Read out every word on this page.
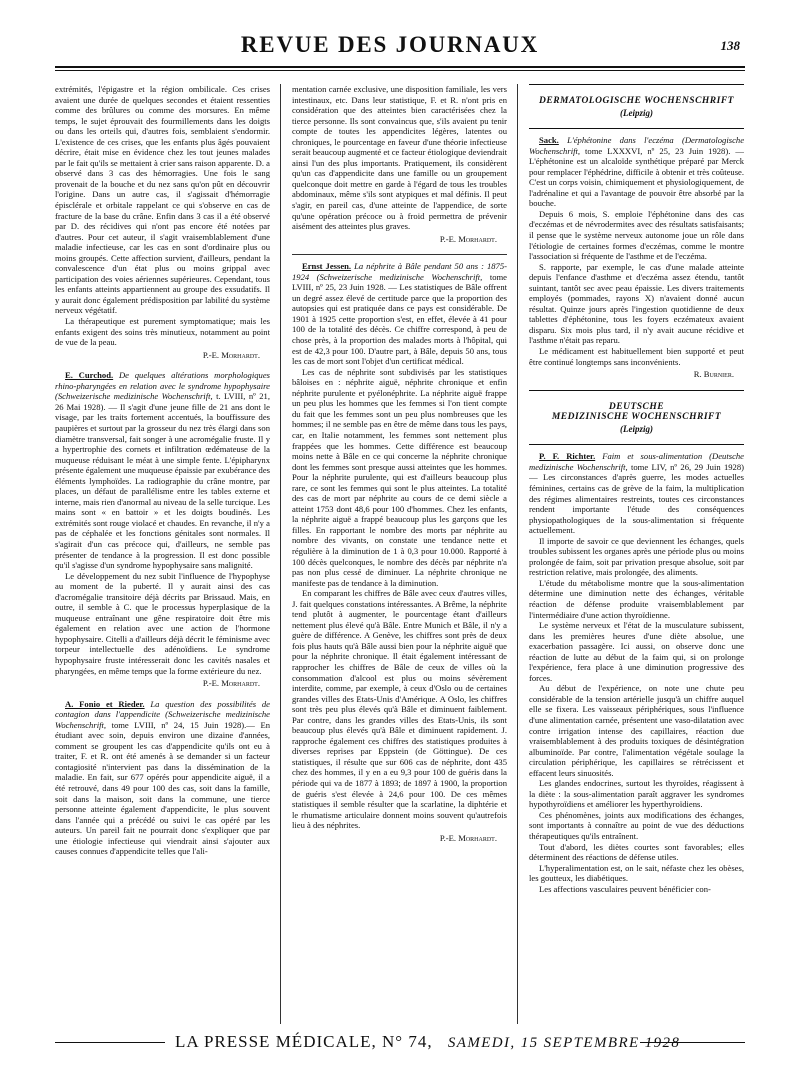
REVUE DES JOURNAUX	138

extrémités, l'épigastre et la région ombilicale. Ces crises avaient une durée de quelques secondes et étaient ressenties comme des brûlures ou comme des morsures. En même temps, le sujet éprouvait des fourmillements dans les doigts ou dans les orteils qui, d'autres fois, semblaient s'endormir. L'existence de ces crises, que les enfants plus âgés pouvaient décrire, était mise en évidence chez les tout jeunes malades par le fait qu'ils se mettaient à crier sans raison apparente. D. a observé dans 3 cas des hémorragies. Une fois le sang provenait de la bouche et du nez sans qu'on pût en découvrir l'origine. Dans un autre cas, il s'agissait d'hémorragie épisclérale et orbitale rappelant ce qui s'observe en cas de fracture de la base du crâne. Enfin dans 3 cas il a été observé par D. des récidives qui n'ont pas encore été notées par d'autres. Pour cet auteur, il s'agit vraisemblablement d'une maladie infectieuse, car les cas en sont d'ordinaire plus ou moins groupés. Cette affection survient, d'ailleurs, pendant la convalescence d'un état plus ou moins grippal avec participation des voies aériennes supérieures. Cependant, tous les enfants atteints appartiennent au groupe des exsudatifs. Il y aurait donc également prédisposition par labilité du système nerveux végétatif.

La thérapeutique est purement symptomatique; mais les enfants exigent des soins très minutieux, notamment au point de vue de la peau.

P.-E. Morhardt.

E. Curchod. De quelques altérations morphologiques rhino-pharyngées en relation avec le syndrome hypophysaire (Schweizerische medizinische Wochenschrift, t. LVIII, nº 21, 26 Mai 1928). — Il s'agit d'une jeune fille de 21 ans dont le visage, par les traits fortement accentués, la bouffissure des paupières et surtout par la grosseur du nez très élargi dans son diamètre transversal, fait songer à une acromégalie fruste. Il y a hypertrophie des cornets et infiltration œdémateuse de la muqueuse réduisant le méat à une simple fente. L'épipharynx présente également une muqueuse épaissie par exubérance des éléments lymphoïdes. La radiographie du crâne montre, par places, un défaut de parallélisme entre les tables externe et interne, mais rien d'anormal au niveau de la selle turcique. Les mains sont « en battoir » et les doigts boudinés. Les extrémités sont rouge violacé et chaudes. En revanche, il n'y a pas de céphalée et les fonctions génitales sont normales. Il s'agirait d'un cas précoce qui, d'ailleurs, ne semble pas présenter de tendance à la progression. Il est donc possible qu'il s'agisse d'un syndrome hypophysaire sans malignité.

Le développement du nez subit l'influence de l'hypophyse au moment de la puberté. Il y aurait ainsi des cas d'acromégalie transitoire déjà décrits par Brissaud. Mais, en outre, il semble à C. que le processus hyperplasique de la muqueuse entraînant une gêne respiratoire doit être mis également en relation avec une action de l'hormone hypophysaire. Citelli a d'ailleurs déjà décrit le féminisme avec torpeur intellectuelle des adénoïdiens. Le syndrome hypophysaire fruste intéresserait donc les cavités nasales et pharyngées, en même temps que la forme extérieure du nez.

P.-E. Morhardt.

A. Fonio et Rieder. La question des possibilités de contagion dans l'appendicite (Schweizerische medizinische Wochenschrift, tome LVIII, nº 24, 15 Juin 1928).— En étudiant avec soin, depuis environ une dizaine d'années, comment se groupent les cas d'appendicite qu'ils ont eu à traiter, F. et R. ont été amenés à se demander si un facteur contagiosité n'intervient pas dans la dissémination de la maladie. En fait, sur 677 opérés pour appendicite aiguë, il a été retrouvé, dans 49 pour 100 des cas, soit dans la famille, soit dans la maison, soit dans la commune, une tierce personne atteinte également d'appendicite, le plus souvent dans l'année qui a précédé ou suivi le cas opéré par les auteurs. Un pareil fait ne pourrait donc s'expliquer que par une étiologie infectieuse qui viendrait ainsi s'ajouter aux causes connues d'appendicite telles que l'ali-

mentation carnée exclusive, une disposition familiale, les vers intestinaux, etc. Dans leur statistique, F. et R. n'ont pris en considération que des atteintes bien caractérisées chez la tierce personne. Ils sont convaincus que, s'ils avaient pu tenir compte de toutes les appendicites légères, latentes ou chroniques, le pourcentage en faveur d'une théorie infectieuse serait beaucoup augmenté et ce facteur étiologique deviendrait ainsi l'un des plus importants. Pratiquement, ils considèrent qu'un cas d'appendicite dans une famille ou un groupement quelconque doit mettre en garde à l'égard de tous les troubles abdominaux, même s'ils sont atypiques et mal définis. Il peut s'agir, en pareil cas, d'une atteinte de l'appendice, de sorte qu'une opération précoce ou à froid permettra de prévenir aisément des atteintes plus graves.

P.-E. Morhardt.

Ernst Jessen. La néphrite à Bâle pendant 50 ans : 1875-1924 (Schweizerische medizinische Wochenschrift, tome LVIII, nº 25, 23 Juin 1928. — Les statistiques de Bâle offrent un degré assez élevé de certitude parce que la proportion des autopsies qui est pratiquée dans ce pays est considérable. De 1901 à 1925 cette proportion s'est, en effet, élevée à 41 pour 100 de la totalité des décès. Ce chiffre correspond, à peu de chose près, à la proportion des malades morts à l'hôpital, qui est de 42,3 pour 100. D'autre part, à Bâle, depuis 50 ans, tous les cas de mort sont l'objet d'un certificat médical.

Les cas de néphrite sont subdivisés par les statistiques bâloises en : néphrite aiguë, néphrite chronique et enfin néphrite purulente et pyélonéphrite. La néphrite aiguë frappe un peu plus les hommes que les femmes si l'on tient compte du fait que les femmes sont un peu plus nombreuses que les hommes; il ne semble pas en être de même dans tous les pays, car, en Italie notamment, les femmes sont nettement plus frappées que les hommes. Cette différence est beaucoup moins nette à Bâle en ce qui concerne la néphrite chronique dont les femmes sont presque aussi atteintes que les hommes. Pour la néphrite purulente, qui est d'ailleurs beaucoup plus rare, ce sont les femmes qui sont le plus atteintes. La totalité des cas de mort par néphrite au cours de ce demi siècle a atteint 1753 dont 48,6 pour 100 d'hommes. Chez les enfants, la néphrite aiguë a frappé beaucoup plus les garçons que les filles. En rapportant le nombre des morts par néphrite au nombre des vivants, on constate une tendance nette et régulière à la diminution de 1 à 0,3 pour 10.000. Rapporté à 100 décès quelconques, le nombre des décès par néphrite n'a pas non plus cessé de diminuer. La néphrite chronique ne manifeste pas de tendance à la diminution.

En comparant les chiffres de Bâle avec ceux d'autres villes, J. fait quelques constations intéressantes. A Brême, la néphrite tend plutôt à augmenter, le pourcentage étant d'ailleurs nettement plus élevé qu'à Bâle. Entre Munich et Bâle, il n'y a guère de différence. A Genève, les chiffres sont près de deux fois plus hauts qu'à Bâle aussi bien pour la néphrite aiguë que pour la néphrite chronique. Il était également intéressant de rapprocher les chiffres de Bâle de ceux de villes où la consommation d'alcool est plus ou moins sévèrement interdite, comme, par exemple, à ceux d'Oslo ou de certaines grandes villes des Etats-Unis d'Amérique. A Oslo, les chiffres sont très peu plus élevés qu'à Bâle et diminuent faiblement. Par contre, dans les grandes villes des Etats-Unis, ils sont beaucoup plus élevés qu'à Bâle et diminuent rapidement. J. rapproche également ces chiffres des statistiques produites à diverses reprises par Eppstein (de Göttingue). De ces statistiques, il résulte que sur 606 cas de néphrite, dont 435 chez des hommes, il y en a eu 9,3 pour 100 de guéris dans la période qui va de 1877 à 1893; de 1897 à 1900, la proportion de guéris s'est élevée à 24,6 pour 100. De ces mêmes statistiques il semble résulter que la scarlatine, la diphtérie et le rhumatisme articulaire donnent moins souvent qu'autrefois lieu à des néphrites.

P.-E. Morhardt.
DERMATOLOGISCHE WOCHENSCHRIFT
(Leipzig)

Sack. L'éphétonine dans l'eczéma (Dermatologische Wochenschrift, tome LXXXVI, nº 25, 23 Juin 1928). — L'éphétonine est un alcaloïde synthétique préparé par Merck pour remplacer l'éphédrine, difficile à obtenir et très coûteuse. C'est un corps voisin, chimiquement et physiologiquement, de l'adrénaline et qui a l'avantage de pouvoir être absorbé par la bouche.

Depuis 6 mois, S. emploie l'éphétonine dans des cas d'eczémas et de névrodermites avec des résultats satisfaisants; il pense que le système nerveux autonome joue un rôle dans l'étiologie de certaines formes d'eczémas, comme le montre l'association si fréquente de l'asthme et de l'eczéma.

S. rapporte, par exemple, le cas d'une malade atteinte depuis l'enfance d'asthme et d'eczéma assez étendu, tantôt suintant, tantôt sec avec peau épaissie. Les divers traitements employés (pommades, rayons X) n'avaient donné aucun résultat. Quinze jours après l'ingestion quotidienne de deux tablettes d'éphétonine, tous les foyers eczémateux avaient disparu. Six mois plus tard, il n'y avait aucune récidive et l'asthme n'était pas reparu.

Le médicament est habituellement bien supporté et peut être continué longtemps sans inconvénients.

R. Burnier.
DEUTSCHE
MEDIZINISCHE WOCHENSCHRIFT
(Leipzig)

P. F. Richter. Faim et sous-alimentation (Deutsche medizinische Wochenschrift, tome LIV, nº 26, 29 Juin 1928) — Les circonstances d'après guerre, les modes actuelles féminines, certains cas de grève de la faim, la multiplication des régimes alimentaires restreints, toutes ces circonstances rendent importante l'étude des conséquences physiopathologiques de la sous-alimentation si fréquente actuellement.

Il importe de savoir ce que deviennent les échanges, quels troubles subissent les organes après une période plus ou moins prolongée de faim, soit par privation presque absolue, soit par restriction relative, mais prolongée, des aliments.

L'étude du métabolisme montre que la sous-alimentation détermine une diminution nette des échanges, véritable réaction de défense produite vraisemblablement par l'intermédiaire d'une action thyroïdienne.

Le système nerveux et l'état de la musculature subissent, dans les premières heures d'une diète absolue, une exacerbation passagère. Ici aussi, on observe donc une réaction de lutte au début de la faim qui, si on prolonge l'expérience, fera place à une diminution progressive des forces.

Au début de l'expérience, on note une chute peu considérable de la tension artérielle jusqu'à un chiffre auquel elle se fixera. Les vaisseaux périphériques, sous l'influence d'une alimentation carnée, présentent une vaso-dilatation avec contre irrigation intense des capillaires, réaction due vraisemblablement à des produits toxiques de désintégration albuminoïde. Par contre, l'alimentation végétale soulage la circulation périphérique, les capillaires se rétrécissent et effacent leurs sinuosités.

Les glandes endocrines, surtout les thyroïdes, réagissent à la diète : la sous-alimentation paraît aggraver les syndromes hypothyroïdiens et améliorer les hyperthyroïdiens.

Ces phénomènes, joints aux modifications des échanges, sont importants à connaître au point de vue des déductions thérapeutiques qu'ils entraînent.

Tout d'abord, les diètes courtes sont favorables; elles déterminent des réactions de défense utiles.

L'hyperalimentation est, on le sait, néfaste chez les obèses, les goutteux, les diabétiques.

Les affections vasculaires peuvent bénéficier con-

LA PRESSE MÉDICALE, N° 74, SAMEDI, 15 SEPTEMBRE 1928
